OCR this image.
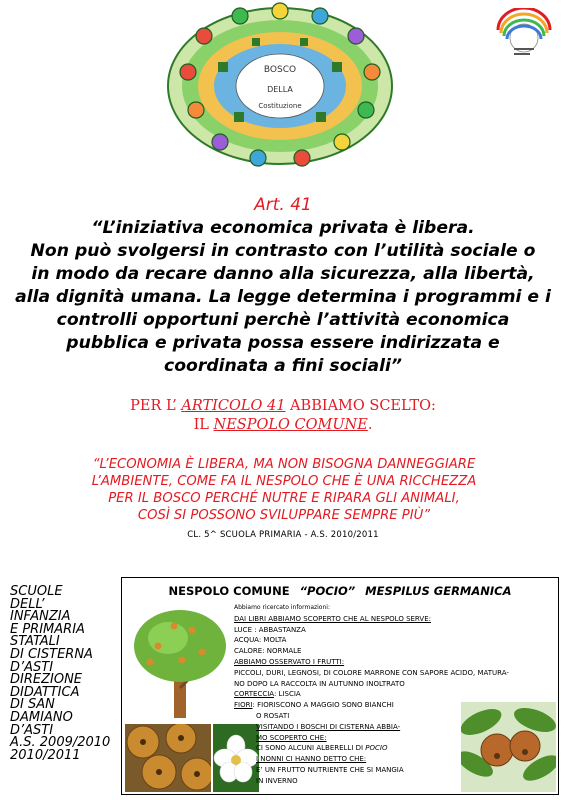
BOSCO
DELLA
Costituzione
Art. 41
“L’iniziativa economica privata è libera.
Non può svolgersi in contrasto con l’utilità sociale o
in modo da recare danno alla sicurezza, alla libertà,
alla dignità umana. La legge determina i programmi e i
controlli opportuni perchè l’attività economica
pubblica e privata possa essere indirizzata e
coordinata a fini sociali”
PER L’ ARTICOLO 41 ABBIAMO SCELTO:
IL NESPOLO COMUNE.
“L’ECONOMIA È LIBERA, MA NON BISOGNA DANNEGGIARE
L’AMBIENTE, COME FA IL NESPOLO CHE È UNA RICCHEZZA
PER IL BOSCO PERCHÉ NUTRE E RIPARA GLI ANIMALI,
COSÌ SI POSSONO SVILUPPARE SEMPRE PIÙ”
CL. 5^ SCUOLA PRIMARIA - A.S. 2010/2011
SCUOLE
DELL’
INFANZIA
E PRIMARIA
STATALI
DI CISTERNA
D’ASTI
DIREZIONE
DIDATTICA
DI SAN
DAMIANO
D’ASTI
A.S. 2009/2010
2010/2011
NESPOLO COMUNE “POCIO” MESPILUS GERMANICA
Abbiamo ricercato informazioni:
DAI LIBRI ABBIAMO SCOPERTO CHE AL NESPOLO SERVE:
LUCE : ABBASTANZA
ACQUA: MOLTA
CALORE: NORMALE
ABBIAMO OSSERVATO I FRUTTI:
PICCOLI, DURI, LEGNOSI, DI COLORE MARRONE CON SAPORE ACIDO, MATURA-
NO DOPO LA RACCOLTA IN AUTUNNO INOLTRATO
CORTECCIA: LISCIA
FIORI: FIORISCONO A MAGGIO SONO BIANCHI
O ROSATI
VISITANDO I BOSCHI DI CISTERNA ABBIA-
MO SCOPERTO CHE:
CI SONO ALCUNI ALBERELLI DI POCIO
I NONNI CI HANNO DETTO CHE:
E’ UN FRUTTO NUTRIENTE CHE SI MANGIA
IN INVERNO
